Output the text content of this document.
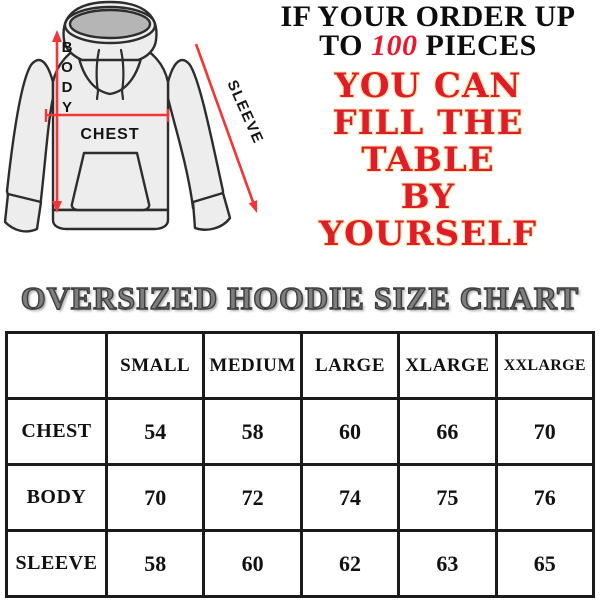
B
O
D
Y
CHEST	SLEEVE
IF YOUR ORDER UP
TO 100 PIECES
YOU CAN
FILL THE
TABLE
BY
YOURSELF
OVERSIZED HOODIE SIZE CHART
	SMALL	MEDIUM	LARGE	XLARGE	XXLARGE
CHEST	54	58	60	66	70
BODY	70	72	74	75	76
SLEEVE	58	60	62	63	65
